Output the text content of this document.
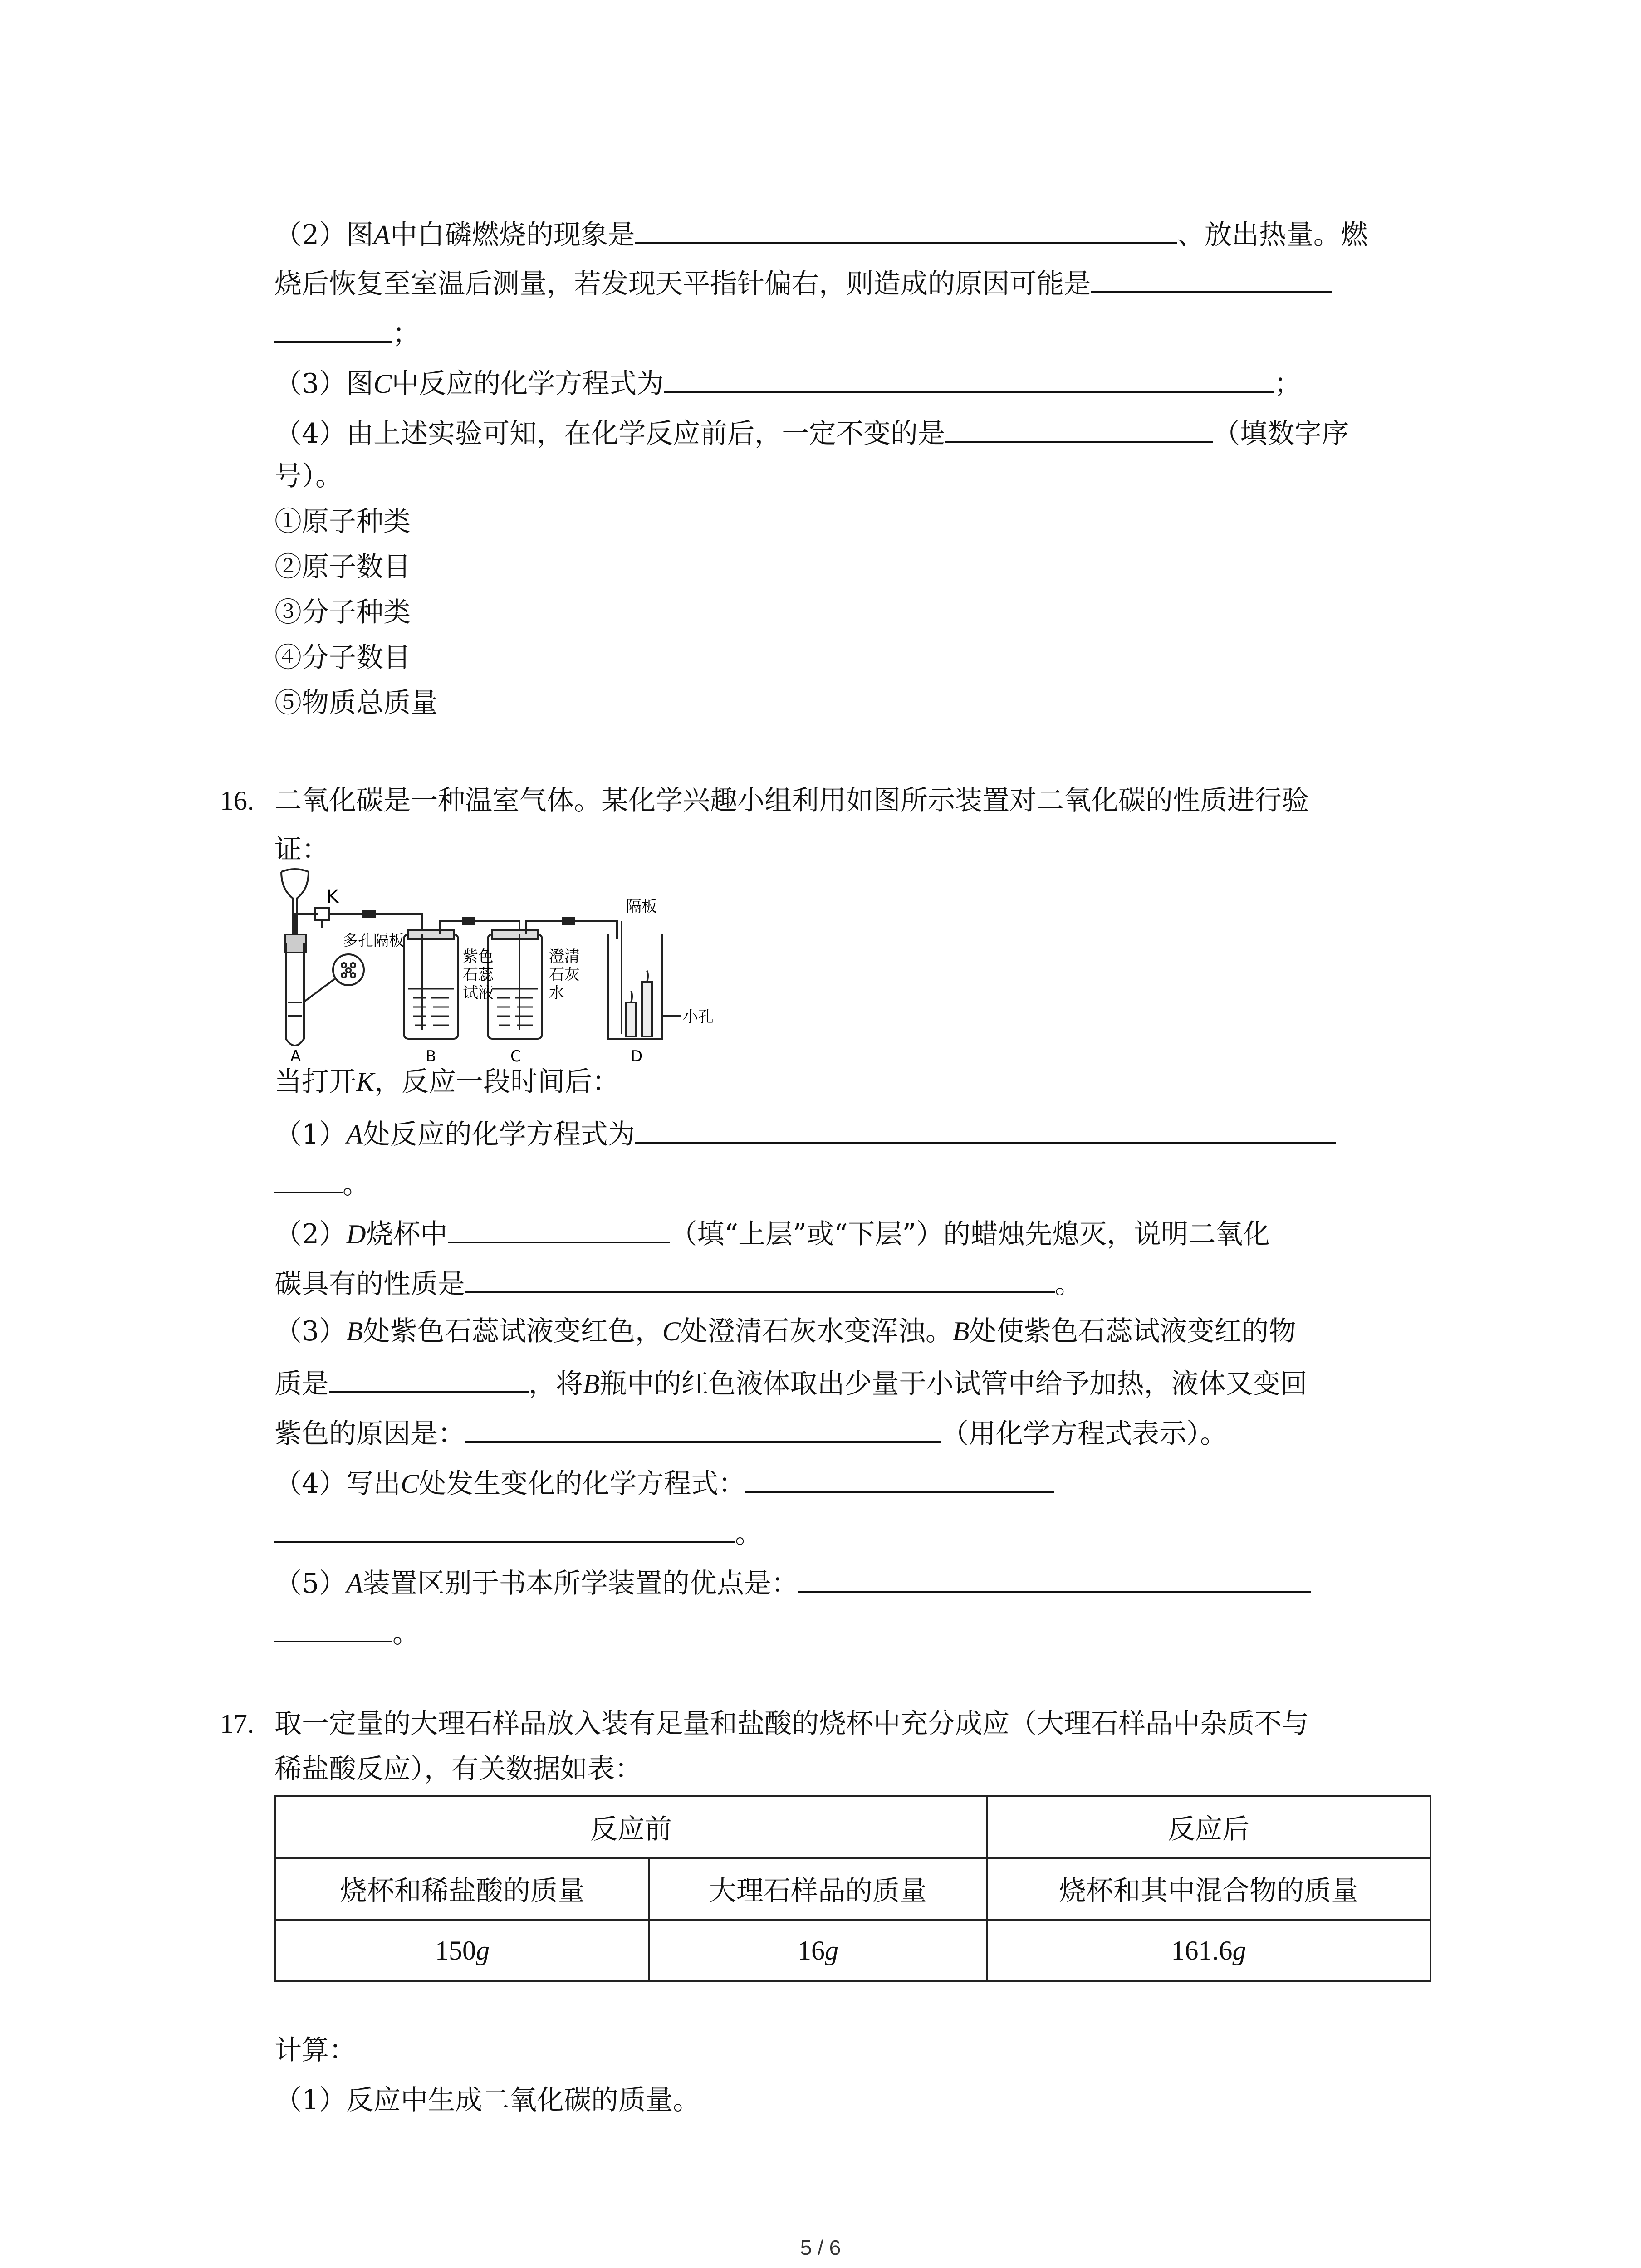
（2）图A中白磷燃烧的现象是	、放出热量。燃
烧后恢复至室温后测量，若发现天平指针偏右，则造成的原因可能是
；
（3）图C中反应的化学方程式为	；
（4）由上述实验可知，在化学反应前后，一定不变的是	（填数字序
号）。
①原子种类
②原子数目
③分子种类
④分子数目
⑤物质总质量
16. 二氧化碳是一种温室气体。某化学兴趣小组利用如图所示装置对二氧化碳的性质进行验
证：
K
多孔隔板
紫色
石蕊
试液
澄清
石灰
水
隔板
小孔
A	B	C	D
当打开K，反应一段时间后：
（1）A处反应的化学方程式为
。
（2）D烧杯中	（填“上层”或“下层”）的蜡烛先熄灭，说明二氧化
碳具有的性质是	。
（3）B处紫色石蕊试液变红色，C处澄清石灰水变浑浊。B处使紫色石蕊试液变红的物
质是	，将B瓶中的红色液体取出少量于小试管中给予加热，液体又变回
紫色的原因是：	（用化学方程式表示）。
（4）写出C处发生变化的化学方程式：
。
（5）A装置区别于书本所学装置的优点是：
。
17. 取一定量的大理石样品放入装有足量和盐酸的烧杯中充分成应（大理石样品中杂质不与
稀盐酸反应），有关数据如表：
反应前		反应后
烧杯和稀盐酸的质量	大理石样品的质量	烧杯和其中混合物的质量
150g	16g	161.6g
计算：
（1）反应中生成二氧化碳的质量。
5 / 6
